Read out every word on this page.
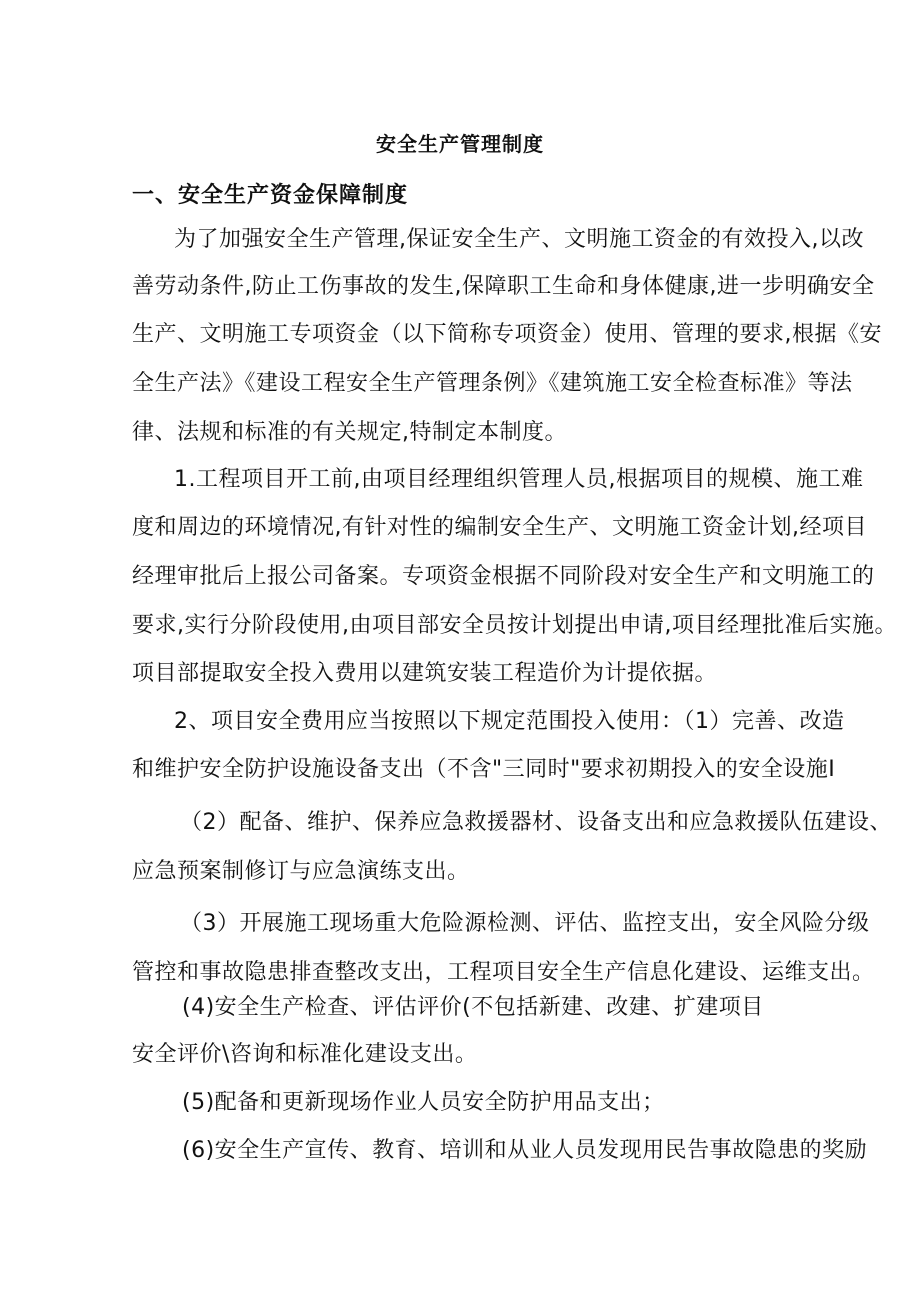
安全生产管理制度
一、安全生产资金保障制度
为了加强安全生产管理,保证安全生产、文明施工资金的有效投入,以改
善劳动条件,防止工伤事故的发生,保障职工生命和身体健康,进一步明确安全
生产、文明施工专项资金（以下简称专项资金）使用、管理的要求,根据《安
全生产法》《建设工程安全生产管理条例》《建筑施工安全检查标准》等法
律、法规和标准的有关规定,特制定本制度。
1.工程项目开工前,由项目经理组织管理人员,根据项目的规模、施工难
度和周边的环境情况,有针对性的编制安全生产、文明施工资金计划,经项目
经理审批后上报公司备案。专项资金根据不同阶段对安全生产和文明施工的
要求,实行分阶段使用,由项目部安全员按计划提出申请,项目经理批准后实施。
项目部提取安全投入费用以建筑安装工程造价为计提依据。
2、项目安全费用应当按照以下规定范围投入使用：（1）完善、改造
和维护安全防护设施设备支出（不含"三同时"要求初期投入的安全设施I
（2）配备、维护、保养应急救援器材、设备支出和应急救援队伍建设、
应急预案制修订与应急演练支出。
（3）开展施工现场重大危险源检测、评估、监控支出，安全风险分级
管控和事故隐患排查整改支出，工程项目安全生产信息化建设、运维支出。
(4)安全生产检查、评估评价(不包括新建、改建、扩建项目
安全评价\咨询和标准化建设支出。
(5)配备和更新现场作业人员安全防护用品支出；
(6)安全生产宣传、教育、培训和从业人员发现用民告事故隐患的奖励
